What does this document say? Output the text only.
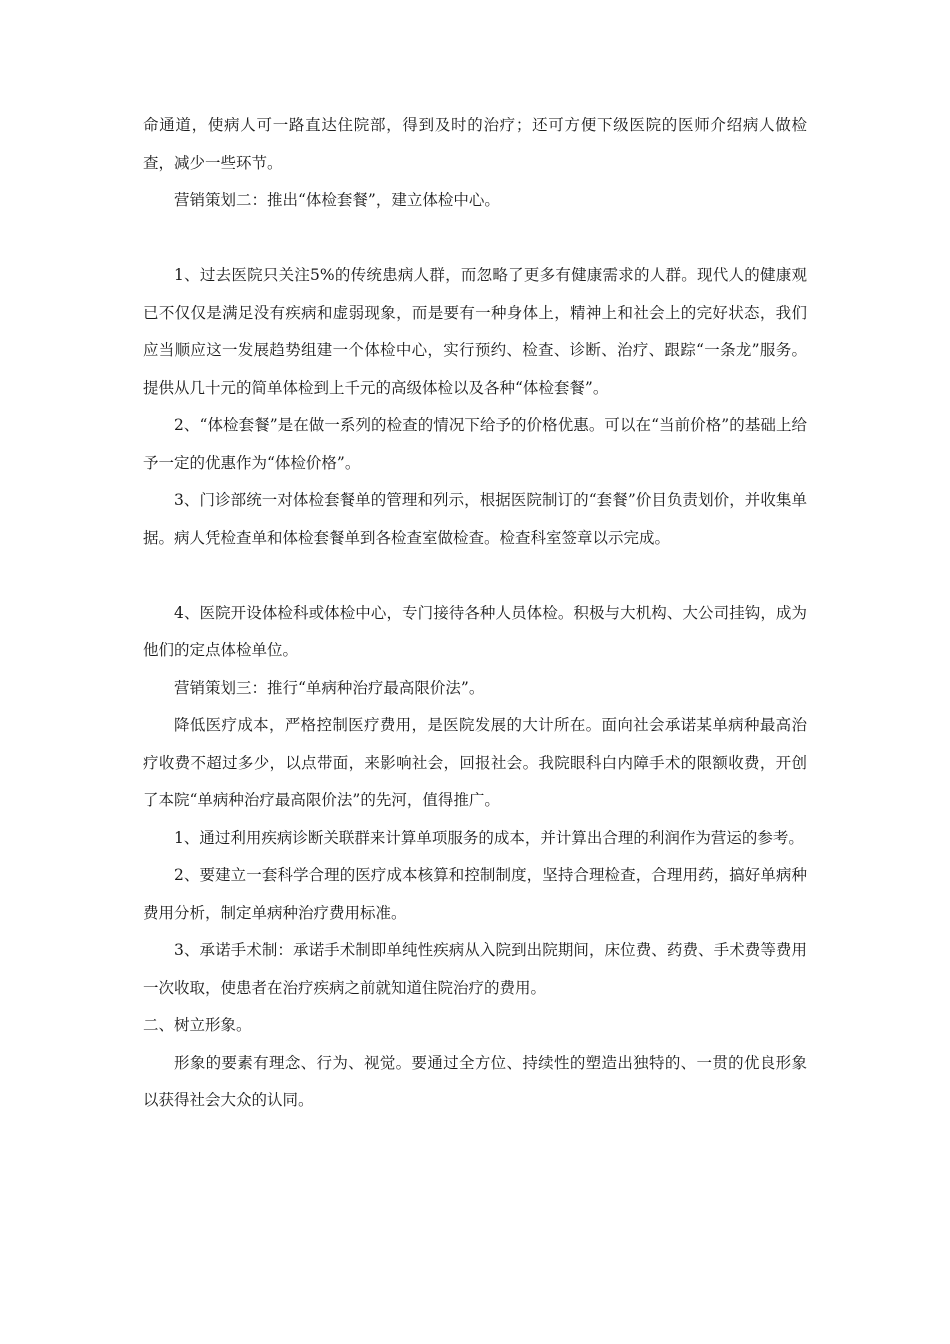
命通道，使病人可一路直达住院部，得到及时的治疗；还可方便下级医院的医师介绍病人做检查，减少一些环节。

营销策划二：推出“体检套餐”，建立体检中心。

1、过去医院只关注5%的传统患病人群，而忽略了更多有健康需求的人群。现代人的健康观已不仅仅是满足没有疾病和虚弱现象，而是要有一种身体上，精神上和社会上的完好状态，我们应当顺应这一发展趋势组建一个体检中心，实行预约、检查、诊断、治疗、跟踪“一条龙”服务。提供从几十元的简单体检到上千元的高级体检以及各种“体检套餐”。

2、“体检套餐”是在做一系列的检查的情况下给予的价格优惠。可以在“当前价格”的基础上给予一定的优惠作为“体检价格”。

3、门诊部统一对体检套餐单的管理和列示，根据医院制订的“套餐”价目负责划价，并收集单据。病人凭检查单和体检套餐单到各检查室做检查。检查科室签章以示完成。

4、医院开设体检科或体检中心，专门接待各种人员体检。积极与大机构、大公司挂钩，成为他们的定点体检单位。

营销策划三：推行“单病种治疗最高限价法”。

降低医疗成本，严格控制医疗费用，是医院发展的大计所在。面向社会承诺某单病种最高治疗收费不超过多少，以点带面，来影响社会，回报社会。我院眼科白内障手术的限额收费，开创了本院“单病种治疗最高限价法”的先河，值得推广。

1、通过利用疾病诊断关联群来计算单项服务的成本，并计算出合理的利润作为营运的参考。

2、要建立一套科学合理的医疗成本核算和控制制度，坚持合理检查，合理用药，搞好单病种费用分析，制定单病种治疗费用标准。

3、承诺手术制：承诺手术制即单纯性疾病从入院到出院期间，床位费、药费、手术费等费用一次收取，使患者在治疗疾病之前就知道住院治疗的费用。

二、树立形象。

形象的要素有理念、行为、视觉。要通过全方位、持续性的塑造出独特的、一贯的优良形象以获得社会大众的认同。
